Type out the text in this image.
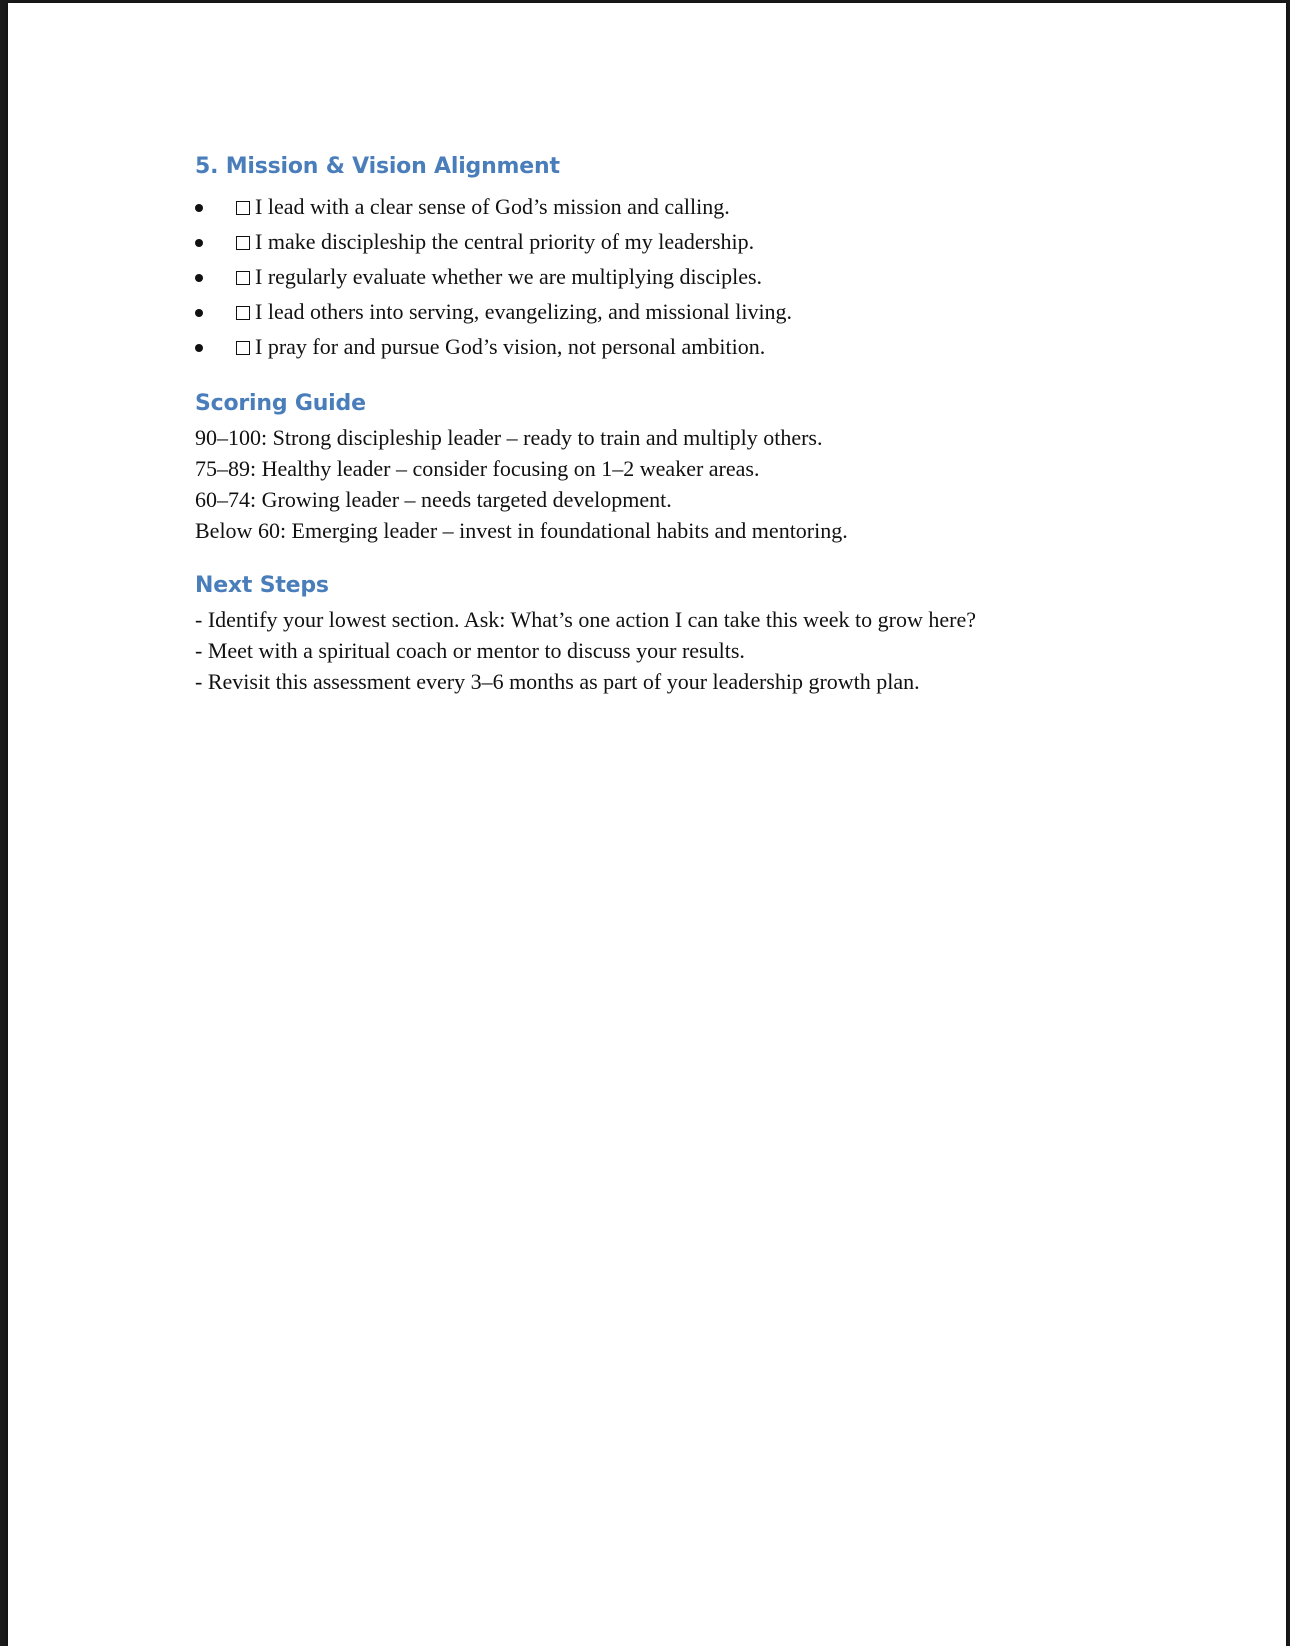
5. Mission & Vision Alignment
I lead with a clear sense of God’s mission and calling.
I make discipleship the central priority of my leadership.
I regularly evaluate whether we are multiplying disciples.
I lead others into serving, evangelizing, and missional living.
I pray for and pursue God’s vision, not personal ambition.
Scoring Guide
90–100: Strong discipleship leader – ready to train and multiply others.
75–89: Healthy leader – consider focusing on 1–2 weaker areas.
60–74: Growing leader – needs targeted development.
Below 60: Emerging leader – invest in foundational habits and mentoring.
Next Steps
- Identify your lowest section. Ask: What’s one action I can take this week to grow here?
- Meet with a spiritual coach or mentor to discuss your results.
- Revisit this assessment every 3–6 months as part of your leadership growth plan.
